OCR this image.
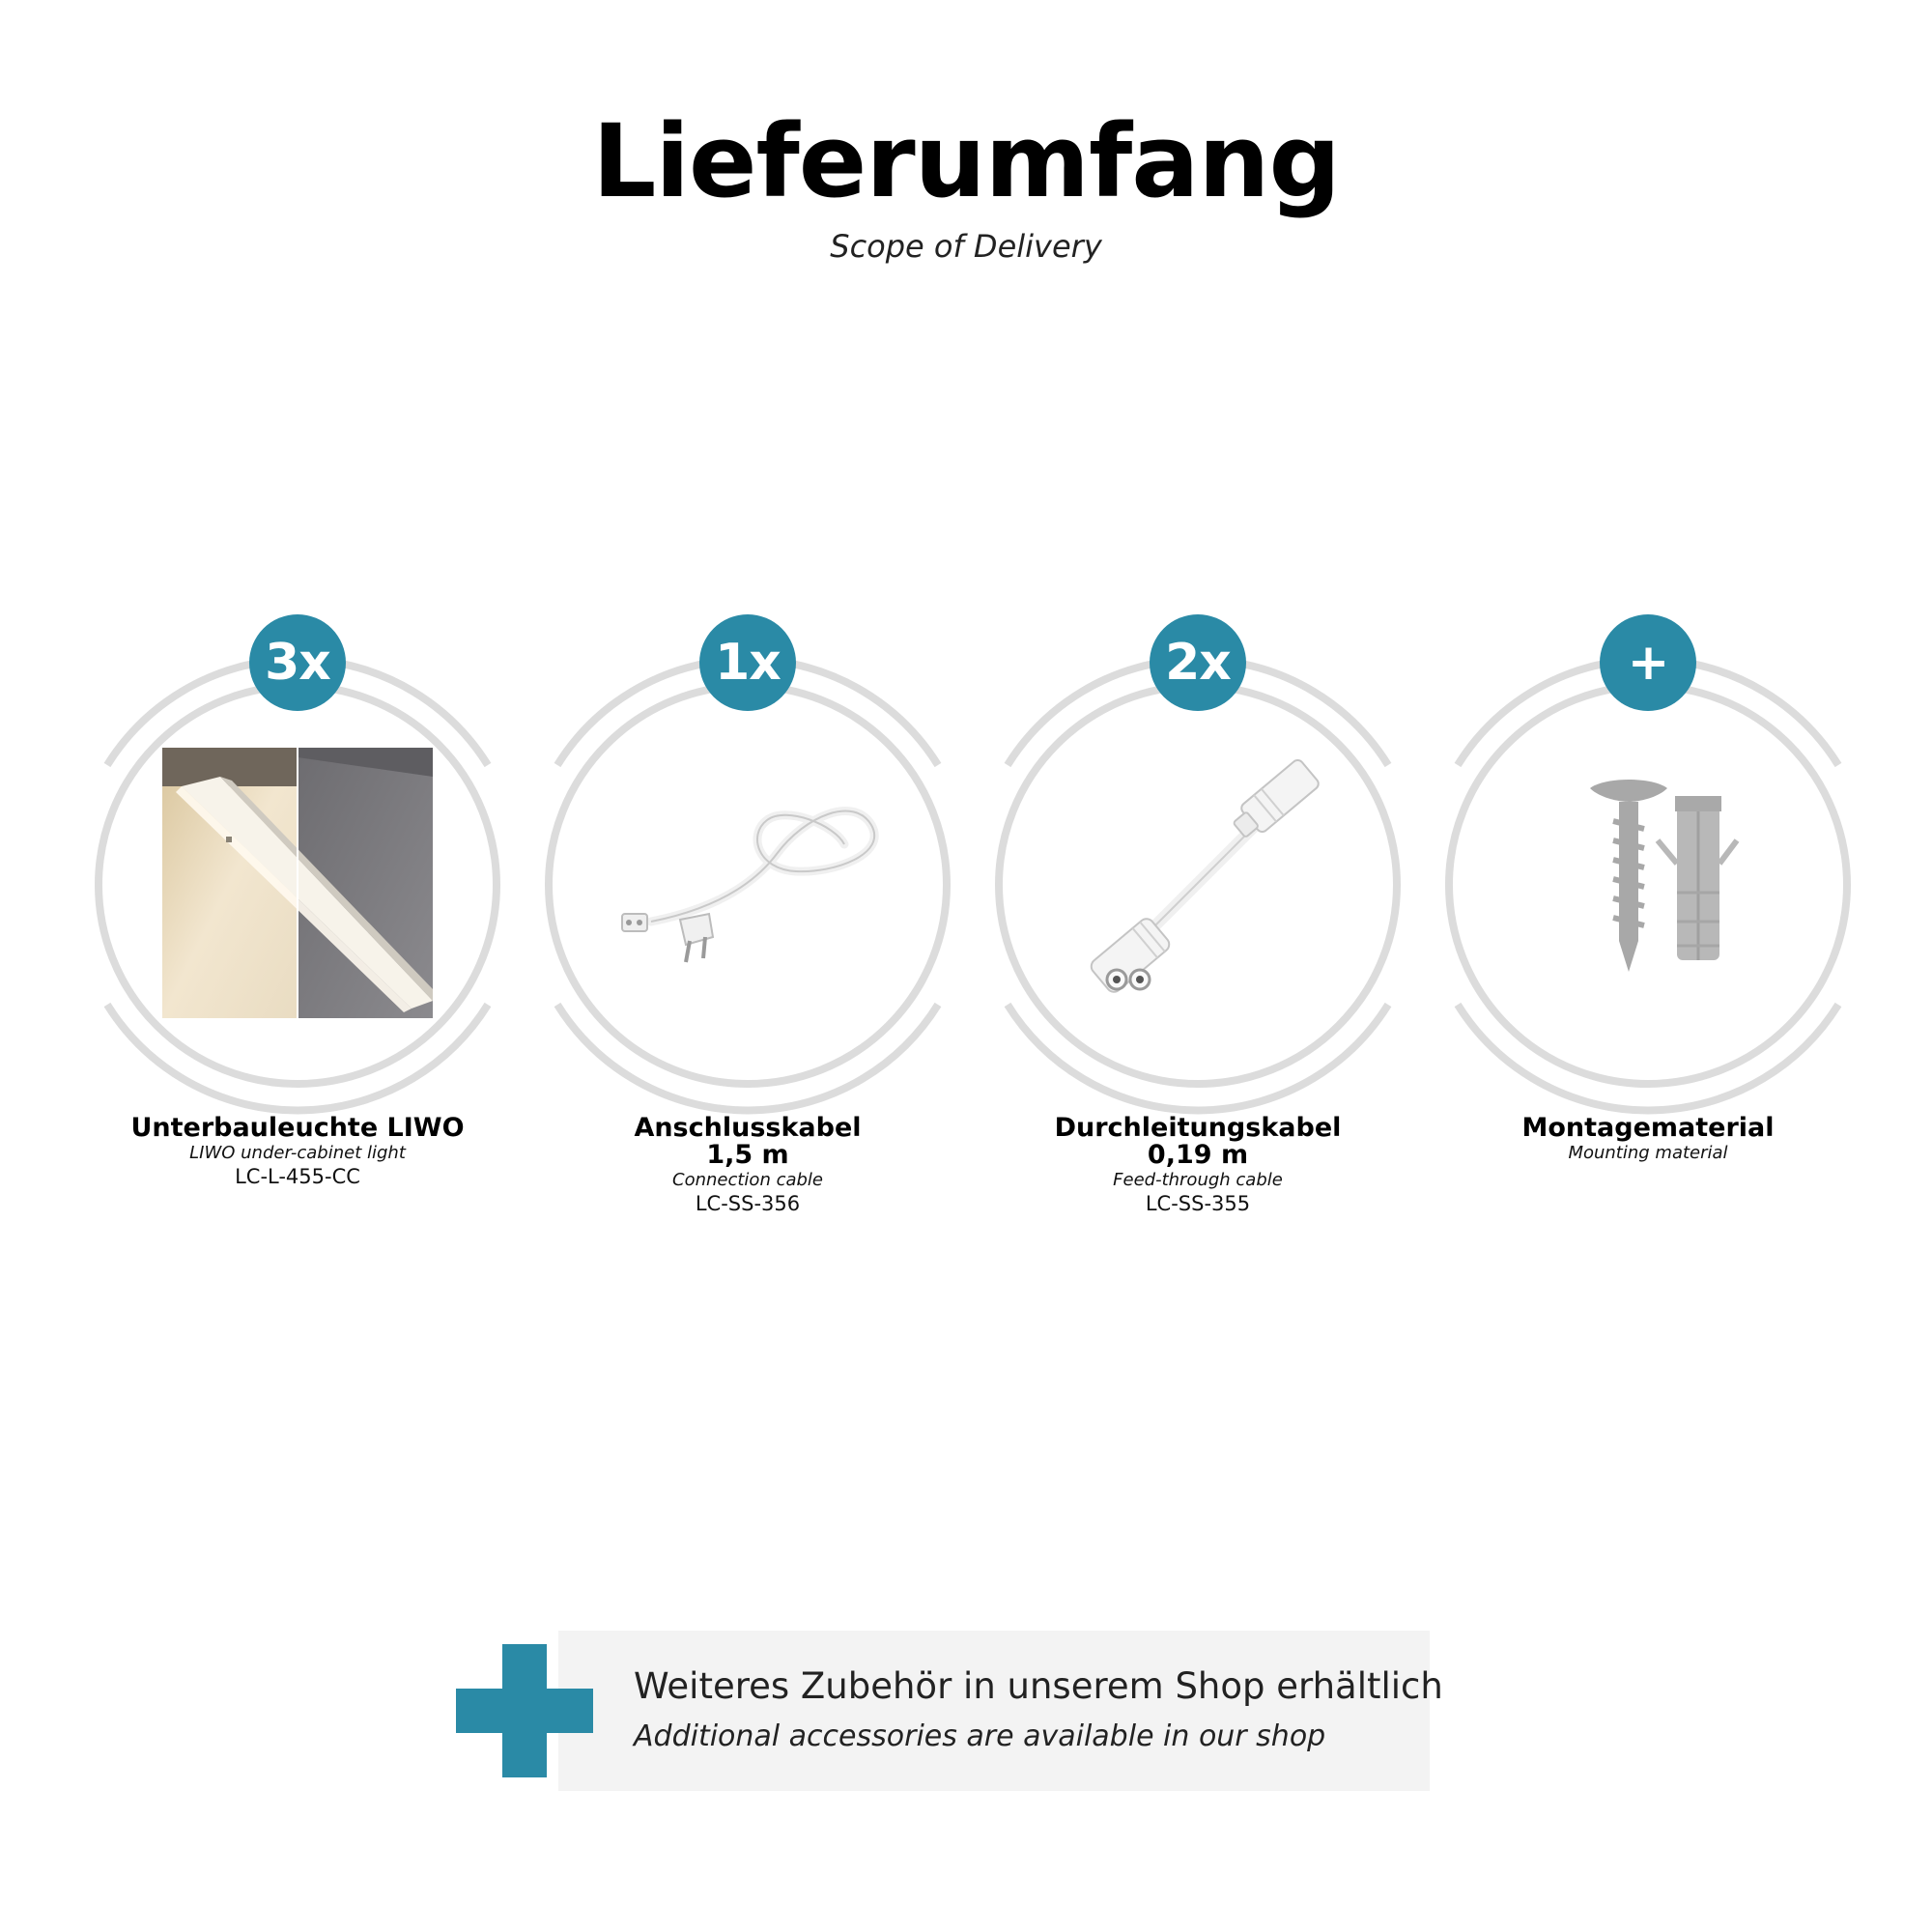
Lieferumfang
Scope of Delivery
3x
Unterbauleuchte LIWO
LIWO under-cabinet light
LC-L-455-CC
1x
Anschlusskabel
1,5 m
Connection cable
LC-SS-356
2x
Durchleitungskabel
0,19 m
Feed-through cable
LC-SS-355
+
Montagematerial
Mounting material
Weiteres Zubehör in unserem Shop erhältlich
Additional accessories are available in our shop
